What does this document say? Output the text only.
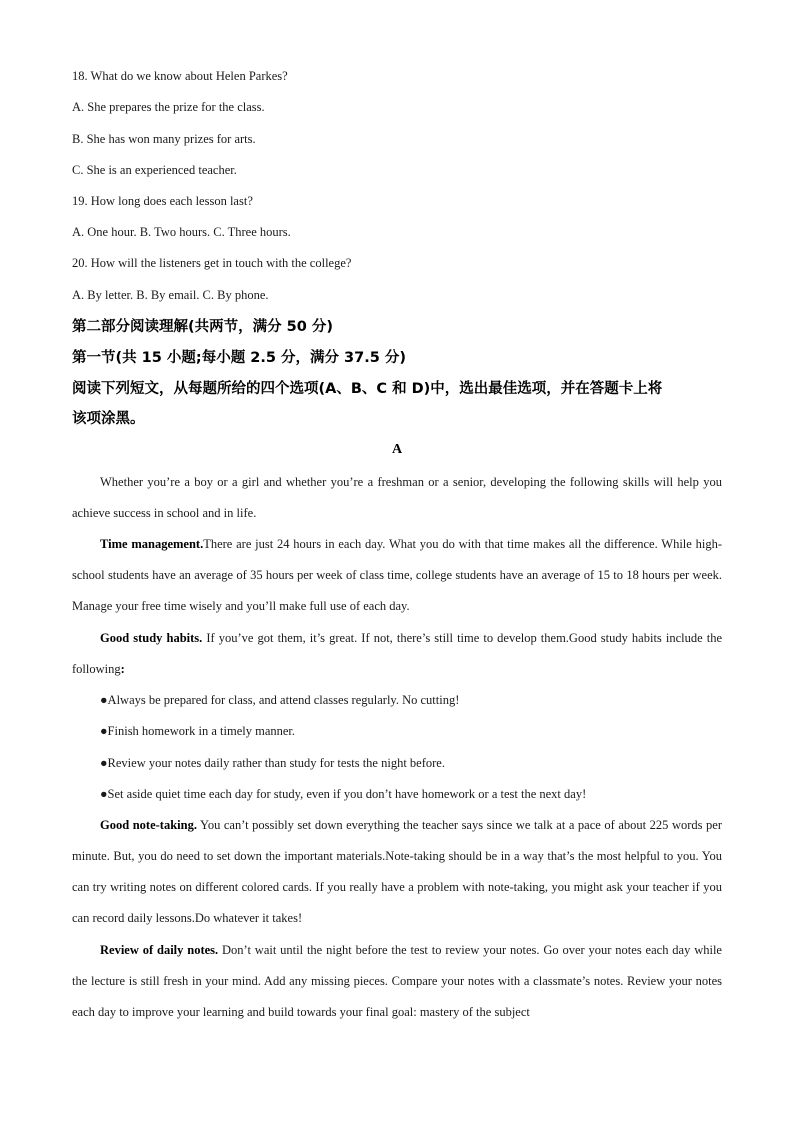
18. What do we know about Helen Parkes?
A. She prepares the prize for the class.
B. She has won many prizes for arts.
C. She is an experienced teacher.
19. How long does each lesson last?
A. One hour. B. Two hours. C. Three hours.
20. How will the listeners get in touch with the college?
A. By letter. B. By email. C. By phone.
第二部分阅读理解(共两节，满分 50 分)
第一节(共 15 小题;每小题 2.5 分，满分 37.5 分)
阅读下列短文，从每题所给的四个选项(A、B、C 和 D)中，选出最佳选项，并在答题卡上将
该项涂黑。
A
Whether you’re a boy or a girl and whether you’re a freshman or a senior, developing the following skills will help you achieve success in school and in life.
Time management.There are just 24 hours in each day. What you do with that time makes all the difference. While high-school students have an average of 35 hours per week of class time, college students have an average of 15 to 18 hours per week. Manage your free time wisely and you’ll make full use of each day.
Good study habits. If you’ve got them, it’s great. If not, there’s still time to develop them.Good study habits include the following:
●Always be prepared for class, and attend classes regularly. No cutting!
●Finish homework in a timely manner.
●Review your notes daily rather than study for tests the night before.
●Set aside quiet time each day for study, even if you don’t have homework or a test the next day!
Good note-taking. You can’t possibly set down everything the teacher says since we talk at a pace of about 225 words per minute. But, you do need to set down the important materials.Note-taking should be in a way that’s the most helpful to you. You can try writing notes on different colored cards. If you really have a problem with note-taking, you might ask your teacher if you can record daily lessons.Do whatever it takes!
Review of daily notes. Don’t wait until the night before the test to review your notes. Go over your notes each day while the lecture is still fresh in your mind. Add any missing pieces. Compare your notes with a classmate’s notes. Review your notes each day to improve your learning and build towards your final goal: mastery of the subject
